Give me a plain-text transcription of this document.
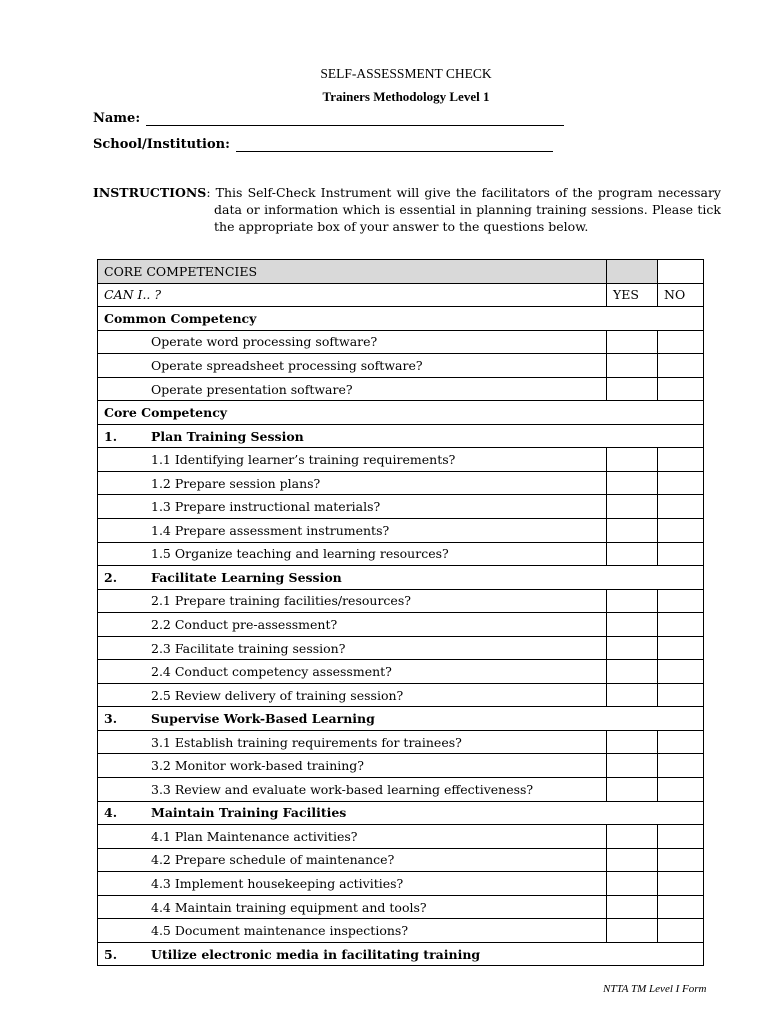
SELF-ASSESSMENT CHECK
Trainers Methodology Level 1
Name:
School/Institution:
INSTRUCTIONS: This Self-Check Instrument will give the facilitators of the program necessary data or information which is essential in planning training sessions. Please tick the appropriate box of your answer to the questions below.
CORE COMPETENCIES		
CAN I.. ?	YES	NO
Common Competency		
Operate word processing software?		
Operate spreadsheet processing software?		
Operate presentation software?		
Core Competency		
1. Plan Training Session		
1.1 Identifying learner’s training requirements?		
1.2 Prepare session plans?		
1.3 Prepare instructional materials?		
1.4 Prepare assessment instruments?		
1.5 Organize teaching and learning resources?		
2. Facilitate Learning Session		
2.1 Prepare training facilities/resources?		
2.2 Conduct pre-assessment?		
2.3 Facilitate training session?		
2.4 Conduct competency assessment?		
2.5 Review delivery of training session?		
3. Supervise Work-Based Learning		
3.1 Establish training requirements for trainees?		
3.2 Monitor work-based training?		
3.3 Review and evaluate work-based learning effectiveness?		
4. Maintain Training Facilities		
4.1 Plan Maintenance activities?		
4.2 Prepare schedule of maintenance?		
4.3 Implement housekeeping activities?		
4.4 Maintain training equipment and tools?		
4.5 Document maintenance inspections?		
5. Utilize electronic media in facilitating training		
NTTA TM Level I Form
